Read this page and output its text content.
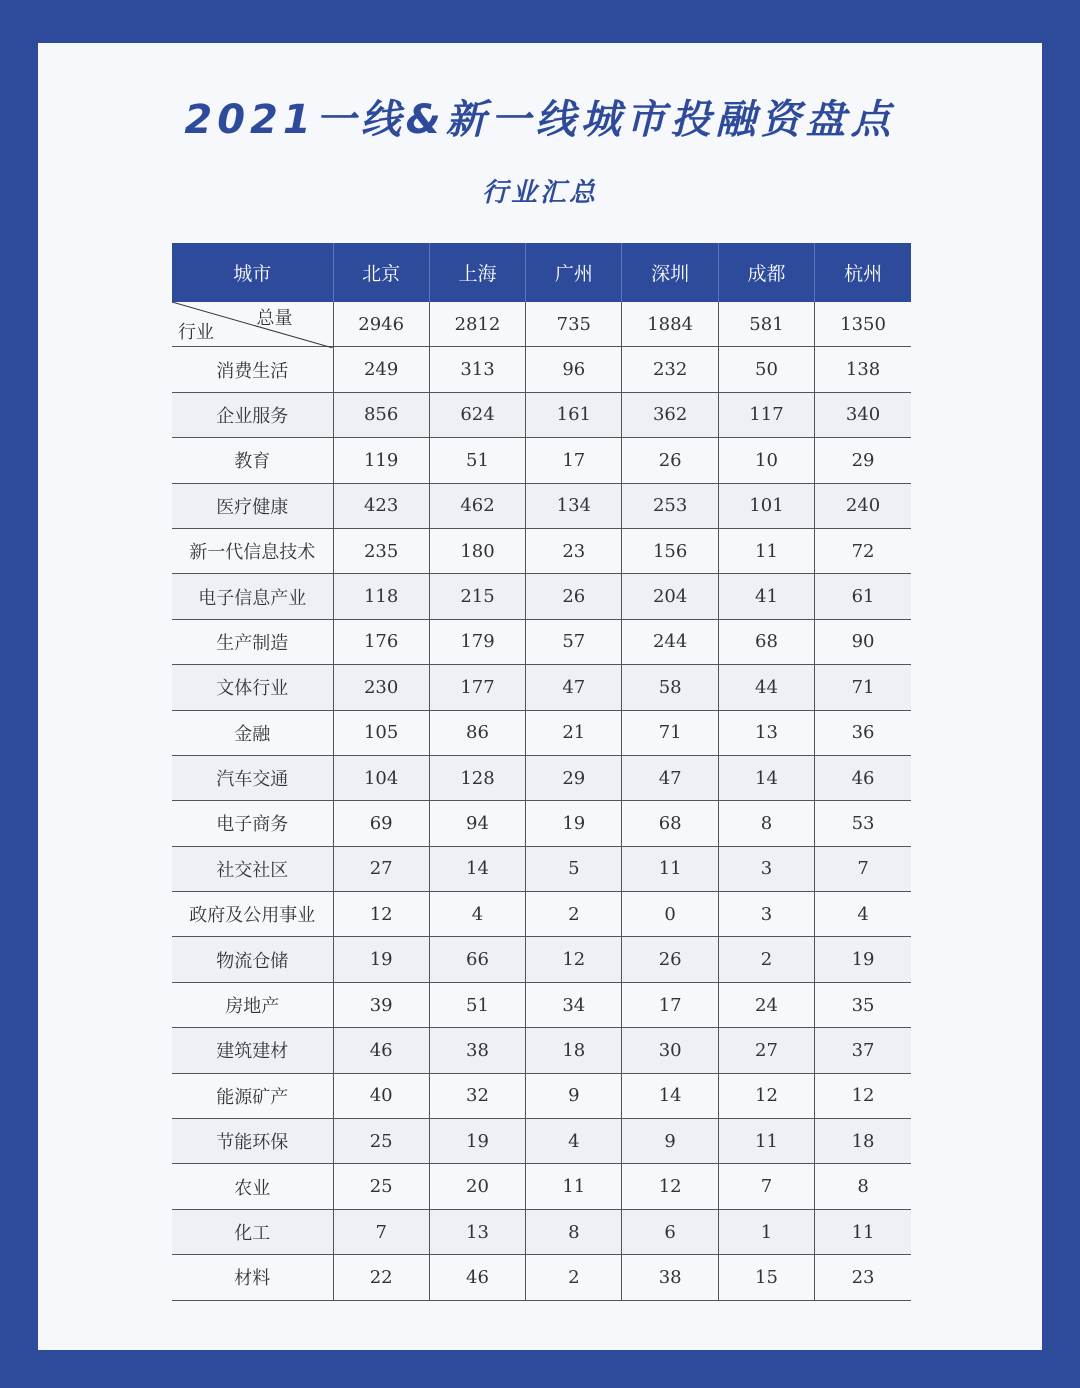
2021一线&新一线城市投融资盘点
行业汇总
城市	北京	上海	广州	深圳	成都	杭州

总量
行业	2946	2812	735	1884	581	1350
消费生活	249	313	96	232	50	138
企业服务	856	624	161	362	117	340
教育	119	51	17	26	10	29
医疗健康	423	462	134	253	101	240
新一代信息技术	235	180	23	156	11	72
电子信息产业	118	215	26	204	41	61
生产制造	176	179	57	244	68	90
文体行业	230	177	47	58	44	71
金融	105	86	21	71	13	36
汽车交通	104	128	29	47	14	46
电子商务	69	94	19	68	8	53
社交社区	27	14	5	11	3	7
政府及公用事业	12	4	2	0	3	4
物流仓储	19	66	12	26	2	19
房地产	39	51	34	17	24	35
建筑建材	46	38	18	30	27	37
能源矿产	40	32	9	14	12	12
节能环保	25	19	4	9	11	18
农业	25	20	11	12	7	8
化工	7	13	8	6	1	11
材料	22	46	2	38	15	23
